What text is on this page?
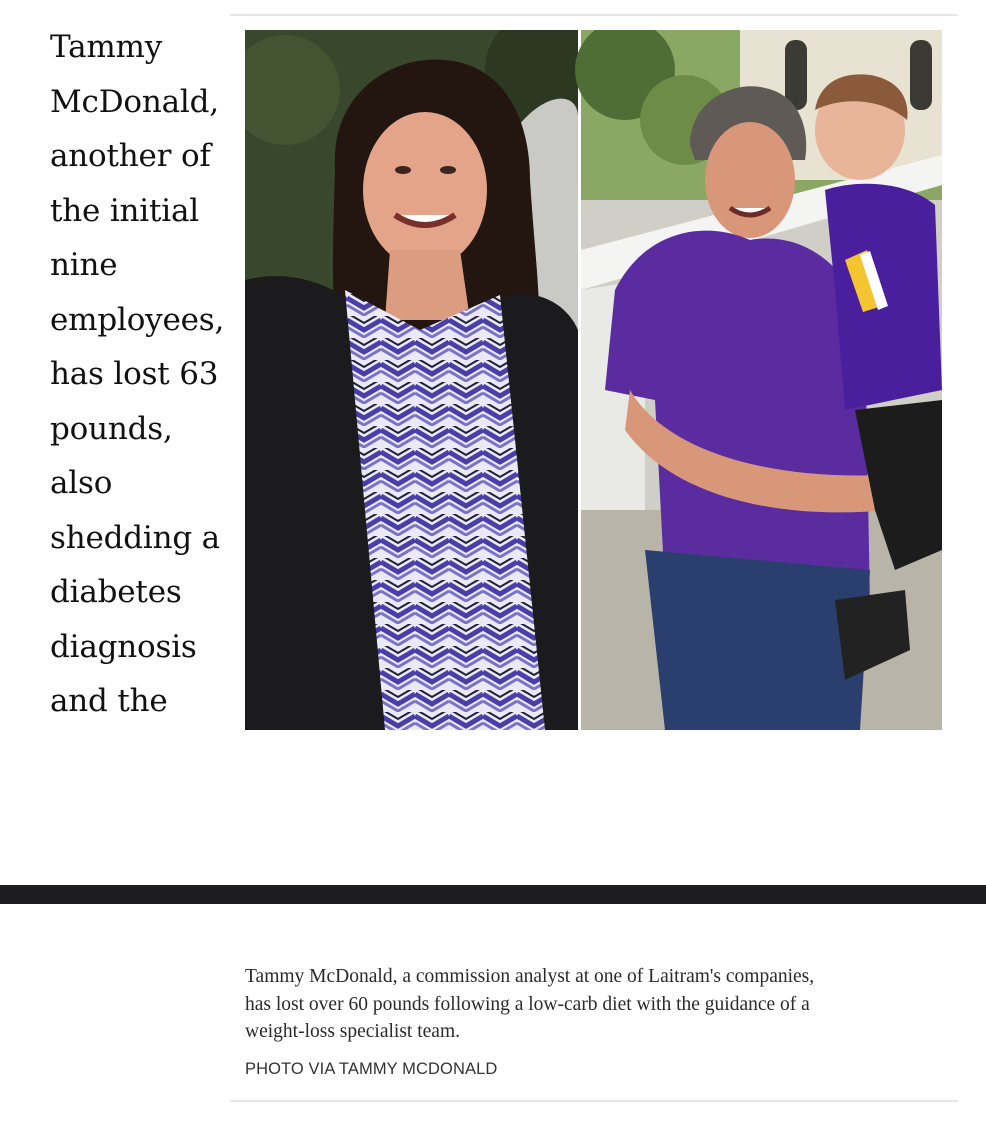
Tammy
McDonald,
another of
the initial
nine
employees,
has lost 63
pounds,
also
shedding a
diabetes
diagnosis
and the

Tammy McDonald, a commission analyst at one of Laitram's companies,
has lost over 60 pounds following a low-carb diet with the guidance of a
weight-loss specialist team.

PHOTO VIA TAMMY MCDONALD
